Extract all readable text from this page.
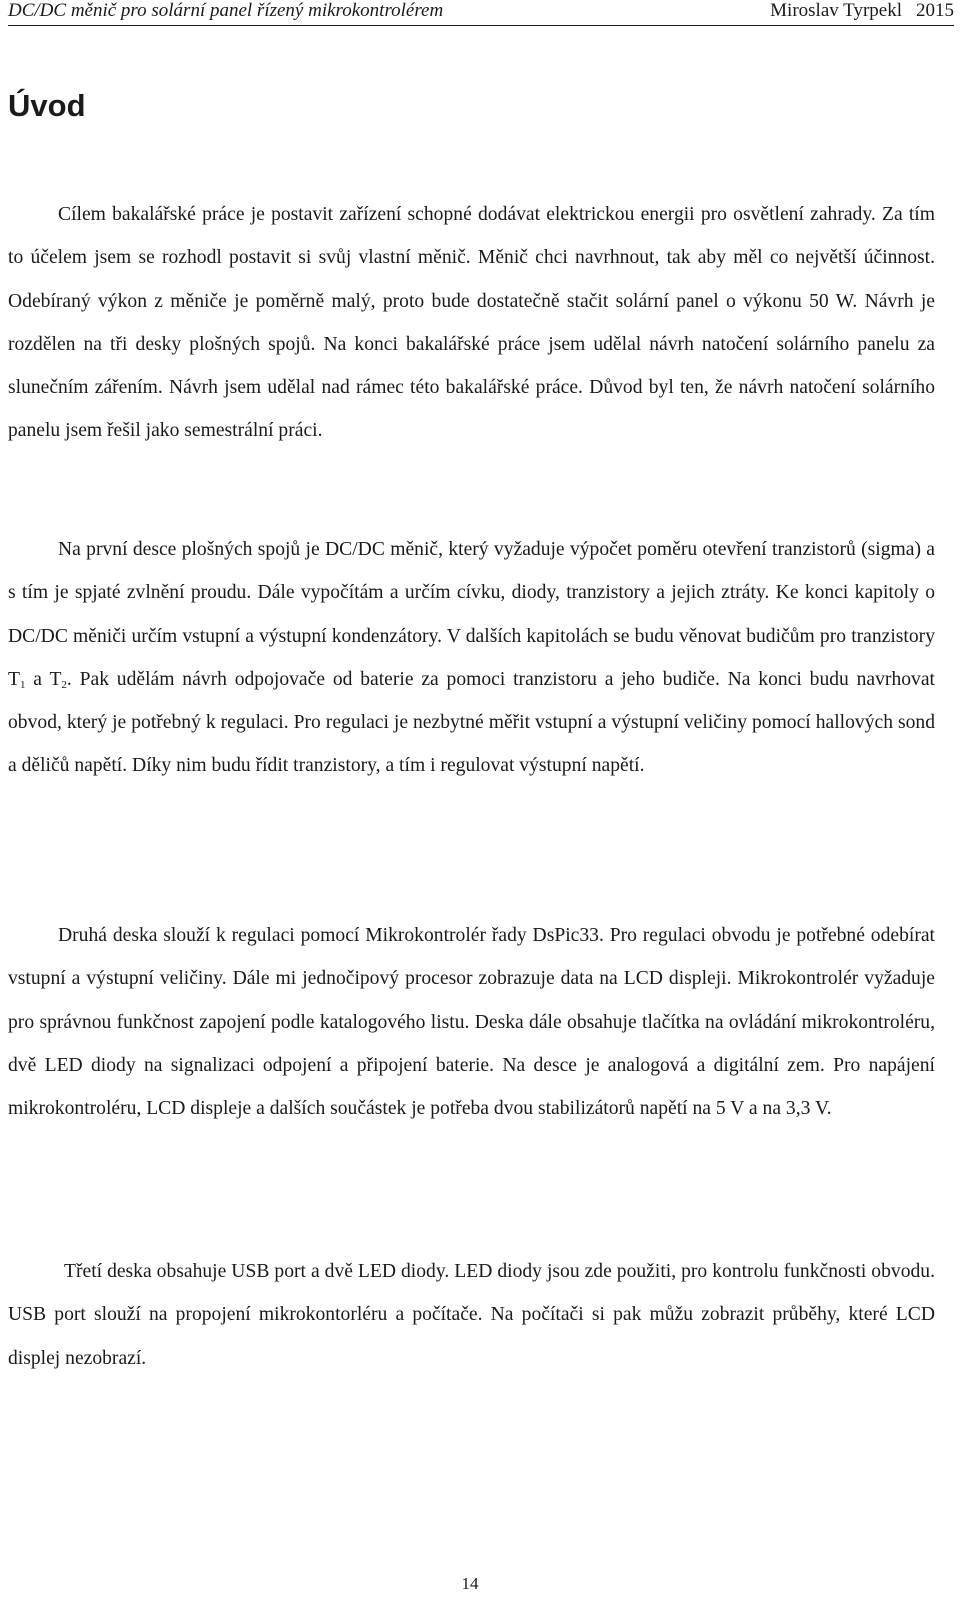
DC/DC měnič pro solární panel řízený mikrokontrolérem	Miroslav Tyrpekl 2015
Úvod

Cílem bakalářské práce je postavit zařízení schopné dodávat elektrickou energii pro osvětlení zahrady. Za tím to účelem jsem se rozhodl postavit si svůj vlastní měnič. Měnič chci navrhnout, tak aby měl co největší účinnost. Odebíraný výkon z měniče je poměrně malý, proto bude dostatečně stačit solární panel o výkonu 50 W. Návrh je rozdělen na tři desky plošných spojů. Na konci bakalářské práce jsem udělal návrh natočení solárního panelu za slunečním zářením. Návrh jsem udělal nad rámec této bakalářské práce. Důvod byl ten, že návrh natočení solárního panelu jsem řešil jako semestrální práci.

Na první desce plošných spojů je DC/DC měnič, který vyžaduje výpočet poměru otevření tranzistorů (sigma) a s tím je spjaté zvlnění proudu. Dále vypočítám a určím cívku, diody, tranzistory a jejich ztráty. Ke konci kapitoly o DC/DC měniči určím vstupní a výstupní kondenzátory. V dalších kapitolách se budu věnovat budičům pro tranzistory $T_1$ a $T_2$. Pak udělám návrh odpojovače od baterie za pomoci tranzistoru a jeho budiče. Na konci budu navrhovat obvod, který je potřebný k regulaci. Pro regulaci je nezbytné měřit vstupní a výstupní veličiny pomocí hallových sond a děličů napětí. Díky nim budu řídit tranzistory, a tím i regulovat výstupní napětí.

Druhá deska slouží k regulaci pomocí Mikrokontrolér řady DsPic33. Pro regulaci obvodu je potřebné odebírat vstupní a výstupní veličiny. Dále mi jednočipový procesor zobrazuje data na LCD displeji. Mikrokontrolér vyžaduje pro správnou funkčnost zapojení podle katalogového listu. Deska dále obsahuje tlačítka na ovládání mikrokontroléru, dvě LED diody na signalizaci odpojení a připojení baterie. Na desce je analogová a digitální zem. Pro napájení mikrokontroléru, LCD displeje a dalších součástek je potřeba dvou stabilizátorů napětí na 5 V a na 3,3 V.

Třetí deska obsahuje USB port a dvě LED diody. LED diody jsou zde použiti, pro kontrolu funkčnosti obvodu. USB port slouží na propojení mikrokontorléru a počítače. Na počítači si pak můžu zobrazit průběhy, které LCD displej nezobrazí.

14
